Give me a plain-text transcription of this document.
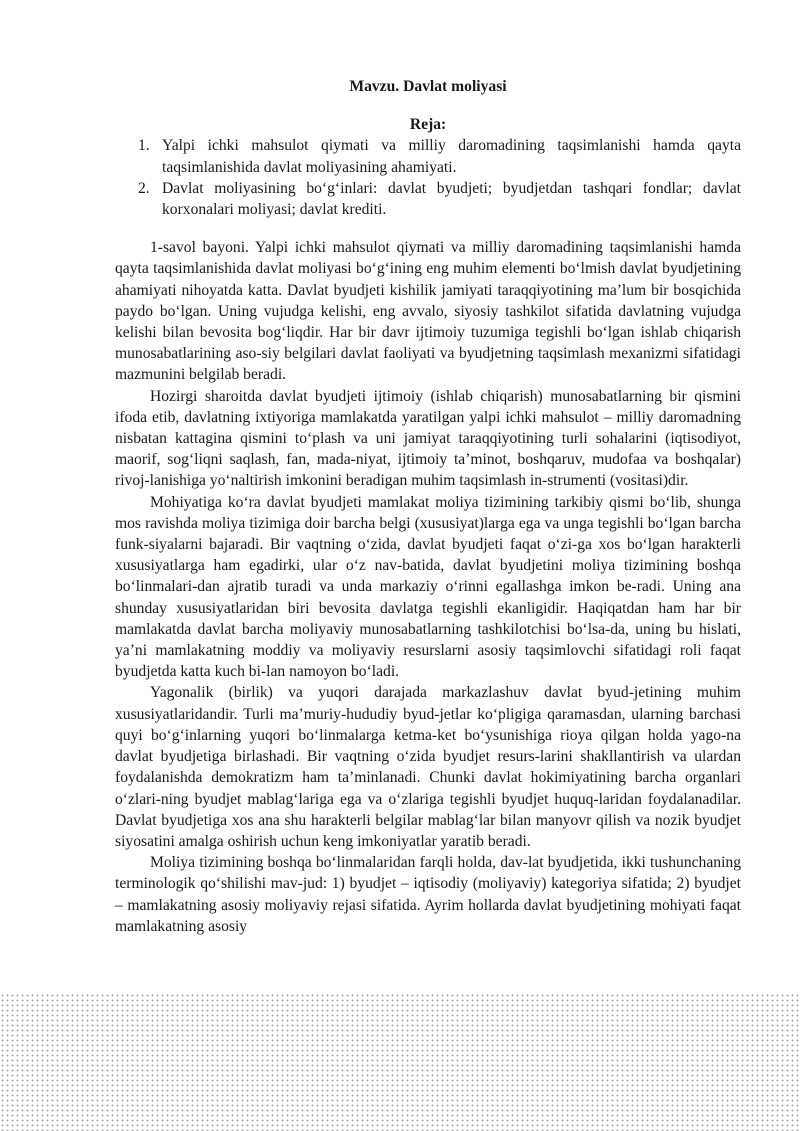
Mavzu. Davlat moliyasi
Reja:
1. Yalpi ichki mahsulot qiymati va milliy daromadining taqsimlanishi hamda qayta taqsimlanishida davlat moliyasining ahamiyati.
2. Davlat moliyasining bo‘g‘inlari: davlat byudjeti; byudjetdan tashqari fondlar; davlat korxonalari moliyasi; davlat krediti.

1-savol bayoni. Yalpi ichki mahsulot qiymati va milliy daromadining taqsimlanishi hamda qayta taqsimlanishida davlat moliyasi bo‘g‘ining eng muhim elementi bo‘lmish davlat byudjetining ahamiyati nihoyatda katta. Davlat byudjeti kishilik jamiyati taraqqiyotining ma’lum bir bosqichida paydo bo‘lgan. Uning vujudga kelishi, eng avvalo, siyosiy tashkilot sifatida davlatning vujudga kelishi bilan bevosita bog‘liqdir. Har bir davr ijtimoiy tuzumiga tegishli bo‘lgan ishlab chiqarish munosabatlarining aso-siy belgilari davlat faoliyati va byudjetning taqsimlash mexanizmi sifatidagi mazmunini belgilab beradi.

Hozirgi sharoitda davlat byudjeti ijtimoiy (ishlab chiqarish) munosabatlarning bir qismini ifoda etib, davlatning ixtiyoriga mamlakatda yaratilgan yalpi ichki mahsulot – milliy daromadning nisbatan kattagina qismini to‘plash va uni jamiyat taraqqiyotining turli sohalarini (iqtisodiyot, maorif, sog‘liqni saqlash, fan, mada-niyat, ijtimoiy ta’minot, boshqaruv, mudofaa va boshqalar) rivoj-lanishiga yo‘naltirish imkonini beradigan muhim taqsimlash in-strumenti (vositasi)dir.

Mohiyatiga ko‘ra davlat byudjeti mamlakat moliya tizimining tarkibiy qismi bo‘lib, shunga mos ravishda moliya tizimiga doir barcha belgi (xususiyat)larga ega va unga tegishli bo‘lgan barcha funk-siyalarni bajaradi. Bir vaqtning o‘zida, davlat byudjeti faqat o‘zi-ga xos bo‘lgan harakterli xususiyatlarga ham egadirki, ular o‘z nav-batida, davlat byudjetini moliya tizimining boshqa bo‘linmalari-dan ajratib turadi va unda markaziy o‘rinni egallashga imkon be-radi. Uning ana shunday xususiyatlaridan biri bevosita davlatga tegishli ekanligidir. Haqiqatdan ham har bir mamlakatda davlat barcha moliyaviy munosabatlarning tashkilotchisi bo‘lsa-da, uning bu hislati, ya’ni mamlakatning moddiy va moliyaviy resurslarni asosiy taqsimlovchi sifatidagi roli faqat byudjetda katta kuch bi-lan namoyon bo‘ladi.

Yagonalik (birlik) va yuqori darajada markazlashuv davlat byud-jetining muhim xususiyatlaridandir. Turli ma’muriy-hududiy byud-jetlar ko‘pligiga qaramasdan, ularning barchasi quyi bo‘g‘inlarning yuqori bo‘linmalarga ketma-ket bo‘ysunishiga rioya qilgan holda yago-na davlat byudjetiga birlashadi. Bir vaqtning o‘zida byudjet resurs-larini shakllantirish va ulardan foydalanishda demokratizm ham ta’minlanadi. Chunki davlat hokimiyatining barcha organlari o‘zlari-ning byudjet mablag‘lariga ega va o‘zlariga tegishli byudjet huquq-laridan foydalanadilar. Davlat byudjetiga xos ana shu harakterli belgilar mablag‘lar bilan manyovr qilish va nozik byudjet siyosatini amalga oshirish uchun keng imkoniyatlar yaratib beradi.

Moliya tizimining boshqa bo‘linmalaridan farqli holda, dav-lat byudjetida, ikki tushunchaning terminologik qo‘shilishi mav-jud: 1) byudjet – iqtisodiy (moliyaviy) kategoriya sifatida; 2) byudjet – mamlakatning asosiy moliyaviy rejasi sifatida. Ayrim hollarda davlat byudjetining mohiyati faqat mamlakatning asosiy
